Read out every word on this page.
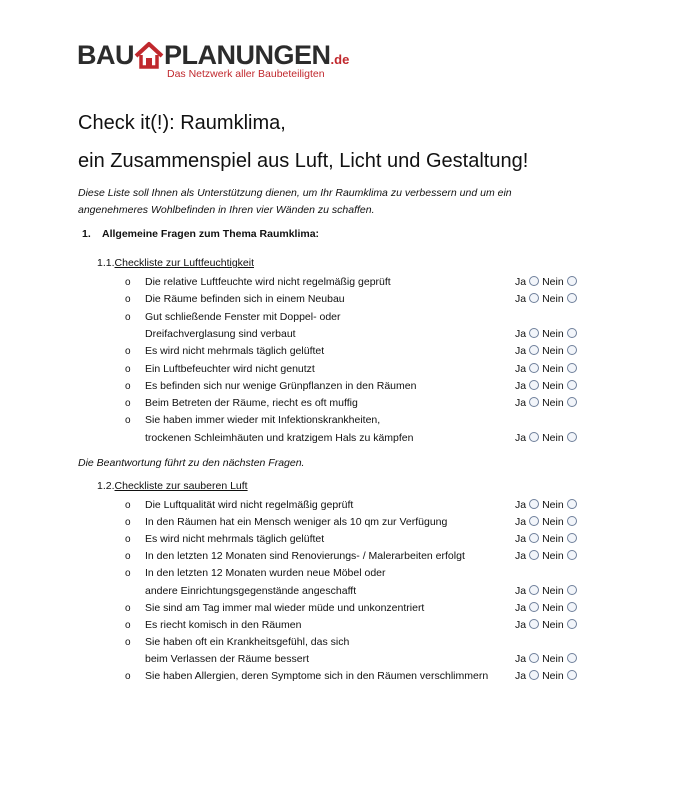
BAU PLANUNGEN.de
Das Netzwerk aller Baubeteiligten
Check it(!): Raumklima,
ein Zusammenspiel aus Luft, Licht und Gestaltung!
Diese Liste soll Ihnen als Unterstützung dienen, um Ihr Raumklima zu verbessern und um ein angenehmeres Wohlbefinden in Ihren vier Wänden zu schaffen.
1. Allgemeine Fragen zum Thema Raumklima:
1.1.Checkliste zur Luftfeuchtigkeit
o Die relative Luftfeuchte wird nicht regelmäßig geprüft	Ja Nein
o Die Räume befinden sich in einem Neubau	Ja Nein
o Gut schließende Fenster mit Doppel- oder
Dreifachverglasung sind verbaut	Ja Nein
o Es wird nicht mehrmals täglich gelüftet	Ja Nein
o Ein Luftbefeuchter wird nicht genutzt	Ja Nein
o Es befinden sich nur wenige Grünpflanzen in den Räumen	Ja Nein
o Beim Betreten der Räume, riecht es oft muffig	Ja Nein
o Sie haben immer wieder mit Infektionskrankheiten,
trockenen Schleimhäuten und kratzigem Hals zu kämpfen	Ja Nein
Die Beantwortung führt zu den nächsten Fragen.
1.2.Checkliste zur sauberen Luft
o Die Luftqualität wird nicht regelmäßig geprüft	Ja Nein
o In den Räumen hat ein Mensch weniger als 10 qm zur Verfügung	Ja Nein
o Es wird nicht mehrmals täglich gelüftet	Ja Nein
o In den letzten 12 Monaten sind Renovierungs- / Malerarbeiten erfolgt	Ja Nein
o In den letzten 12 Monaten wurden neue Möbel oder
andere Einrichtungsgegenstände angeschafft	Ja Nein
o Sie sind am Tag immer mal wieder müde und unkonzentriert	Ja Nein
o Es riecht komisch in den Räumen	Ja Nein
o Sie haben oft ein Krankheitsgefühl, das sich
beim Verlassen der Räume bessert	Ja Nein
o Sie haben Allergien, deren Symptome sich in den Räumen verschlimmern	Ja Nein
